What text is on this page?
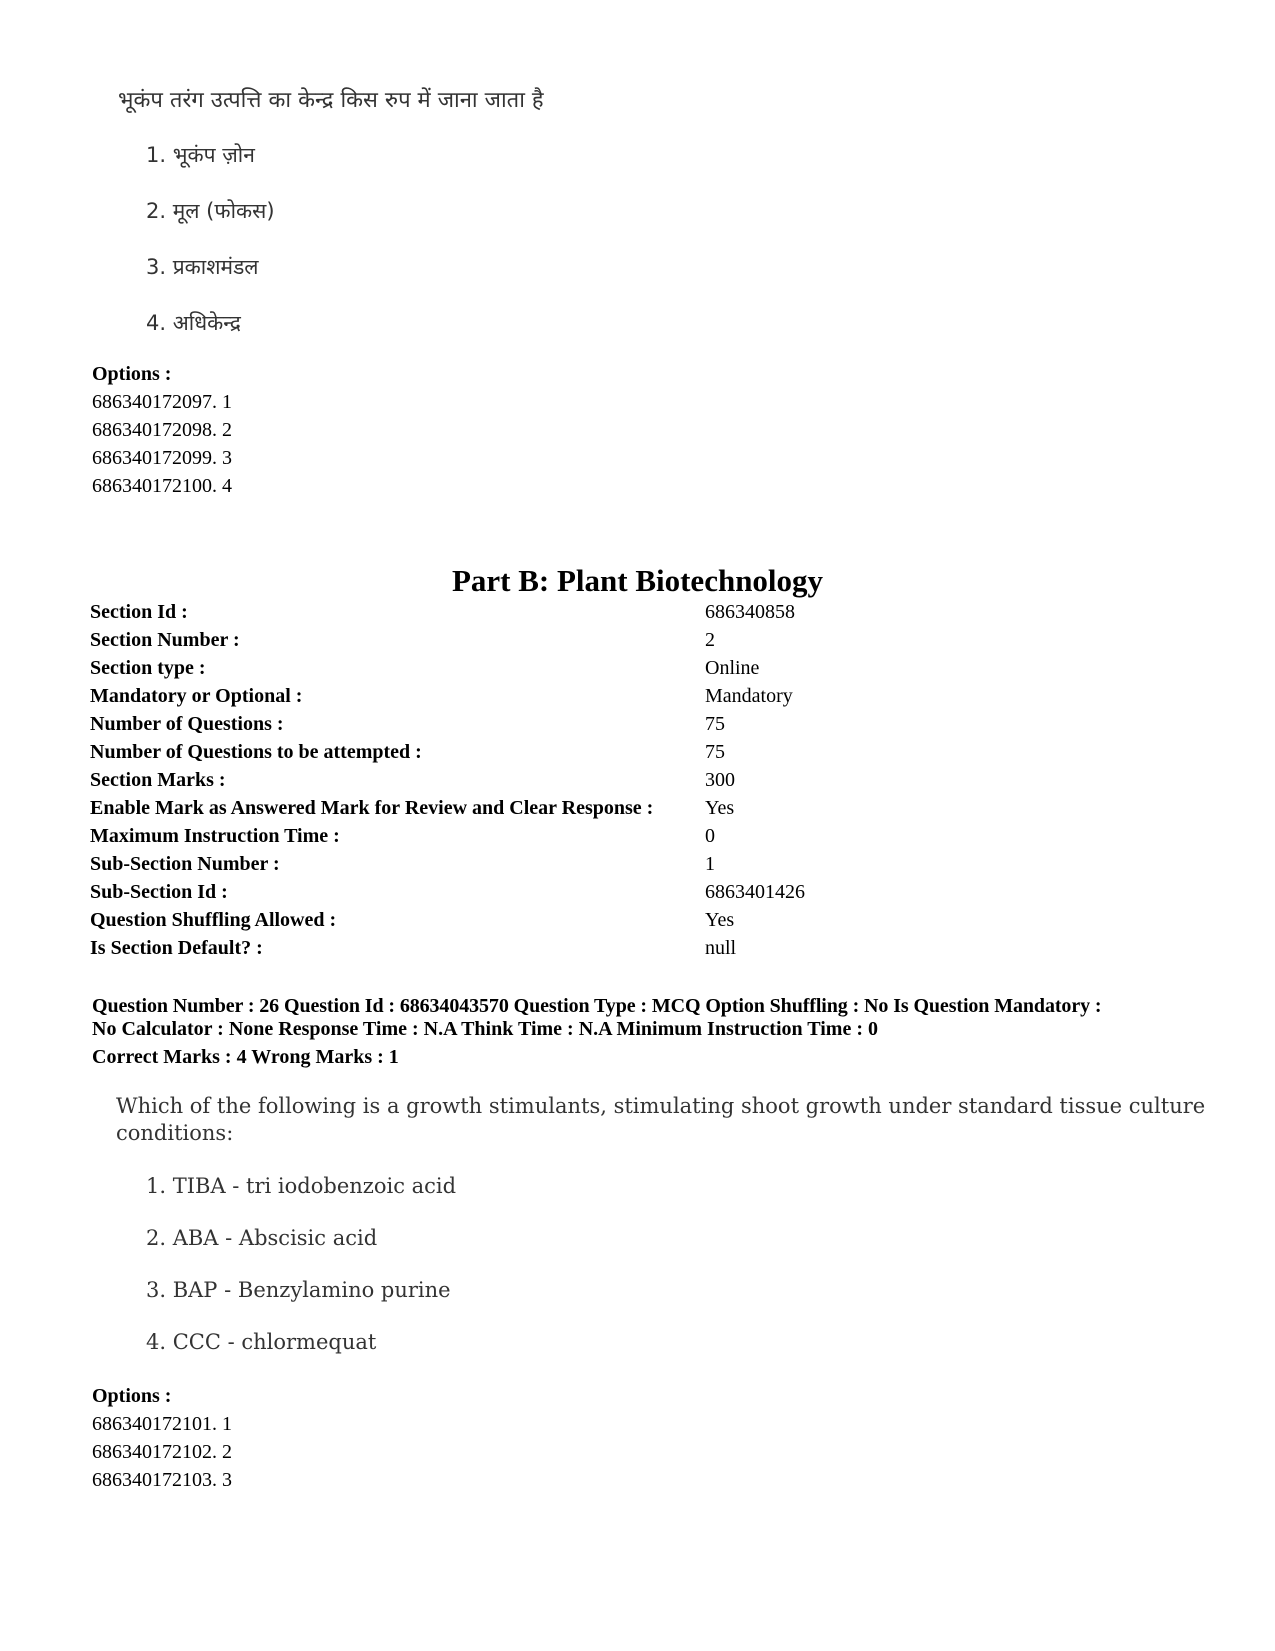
भूकंप तरंग उत्पत्ति का केन्द्र किस रुप में जाना जाता है
1. भूकंप ज़ोन
2. मूल (फोकस)
3. प्रकाशमंडल
4. अधिकेन्द्र
Options :
686340172097. 1
686340172098. 2
686340172099. 3
686340172100. 4
Part B: Plant Biotechnology
Section Id :	686340858
Section Number :	2
Section type :	Online
Mandatory or Optional :	Mandatory
Number of Questions :	75
Number of Questions to be attempted :	75
Section Marks :	300
Enable Mark as Answered Mark for Review and Clear Response :	Yes
Maximum Instruction Time :	0
Sub-Section Number :	1
Sub-Section Id :	6863401426
Question Shuffling Allowed :	Yes
Is Section Default? :	null
Question Number : 26 Question Id : 68634043570 Question Type : MCQ Option Shuffling : No Is Question Mandatory :
No Calculator : None Response Time : N.A Think Time : N.A Minimum Instruction Time : 0
Correct Marks : 4 Wrong Marks : 1
Which of the following is a growth stimulants, stimulating shoot growth under standard tissue culture
conditions:
1. TIBA - tri iodobenzoic acid
2. ABA - Abscisic acid
3. BAP - Benzylamino purine
4. CCC - chlormequat
Options :
686340172101. 1
686340172102. 2
686340172103. 3
